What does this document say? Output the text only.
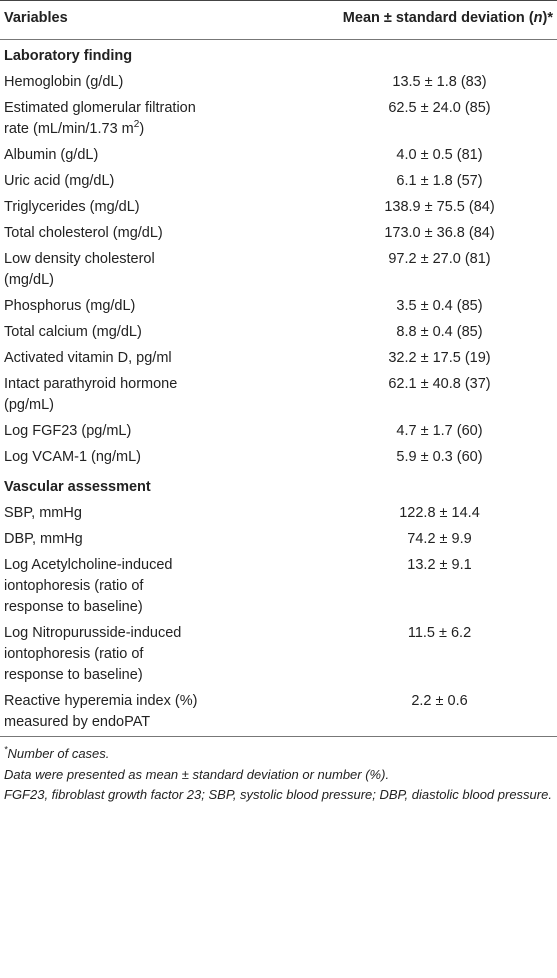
Variables	Mean ± standard deviation (n)*

Laboratory finding	

Hemoglobin (g/dL)	13.5 ± 1.8 (83)

Estimated glomerular filtration rate (mL/min/1.73 $m^2$)	62.5 ± 24.0 (85)

Albumin (g/dL)	4.0 ± 0.5 (81)

Uric acid (mg/dL)	6.1 ± 1.8 (57)

Triglycerides (mg/dL)	138.9 ± 75.5 (84)

Total cholesterol (mg/dL)	173.0 ± 36.8 (84)

Low density cholesterol (mg/dL)	97.2 ± 27.0 (81)

Phosphorus (mg/dL)	3.5 ± 0.4 (85)

Total calcium (mg/dL)	8.8 ± 0.4 (85)

Activated vitamin D, pg/ml	32.2 ± 17.5 (19)

Intact parathyroid hormone (pg/mL)	62.1 ± 40.8 (37)

Log FGF23 (pg/mL)	4.7 ± 1.7 (60)

Log VCAM-1 (ng/mL)	5.9 ± 0.3 (60)
Vascular assessment	

SBP, mmHg	122.8 ± 14.4

DBP, mmHg	74.2 ± 9.9

Log Acetylcholine-induced iontophoresis (ratio of response to baseline)	13.2 ± 9.1

Log Nitropurusside-induced iontophoresis (ratio of response to baseline)	11.5 ± 6.2

Reactive hyperemia index (%) measured by endoPAT	2.2 ± 0.6

*Number of cases.

Data were presented as mean ± standard deviation or number (%).

FGF23, fibroblast growth factor 23; SBP, systolic blood pressure; DBP, diastolic blood pressure.
